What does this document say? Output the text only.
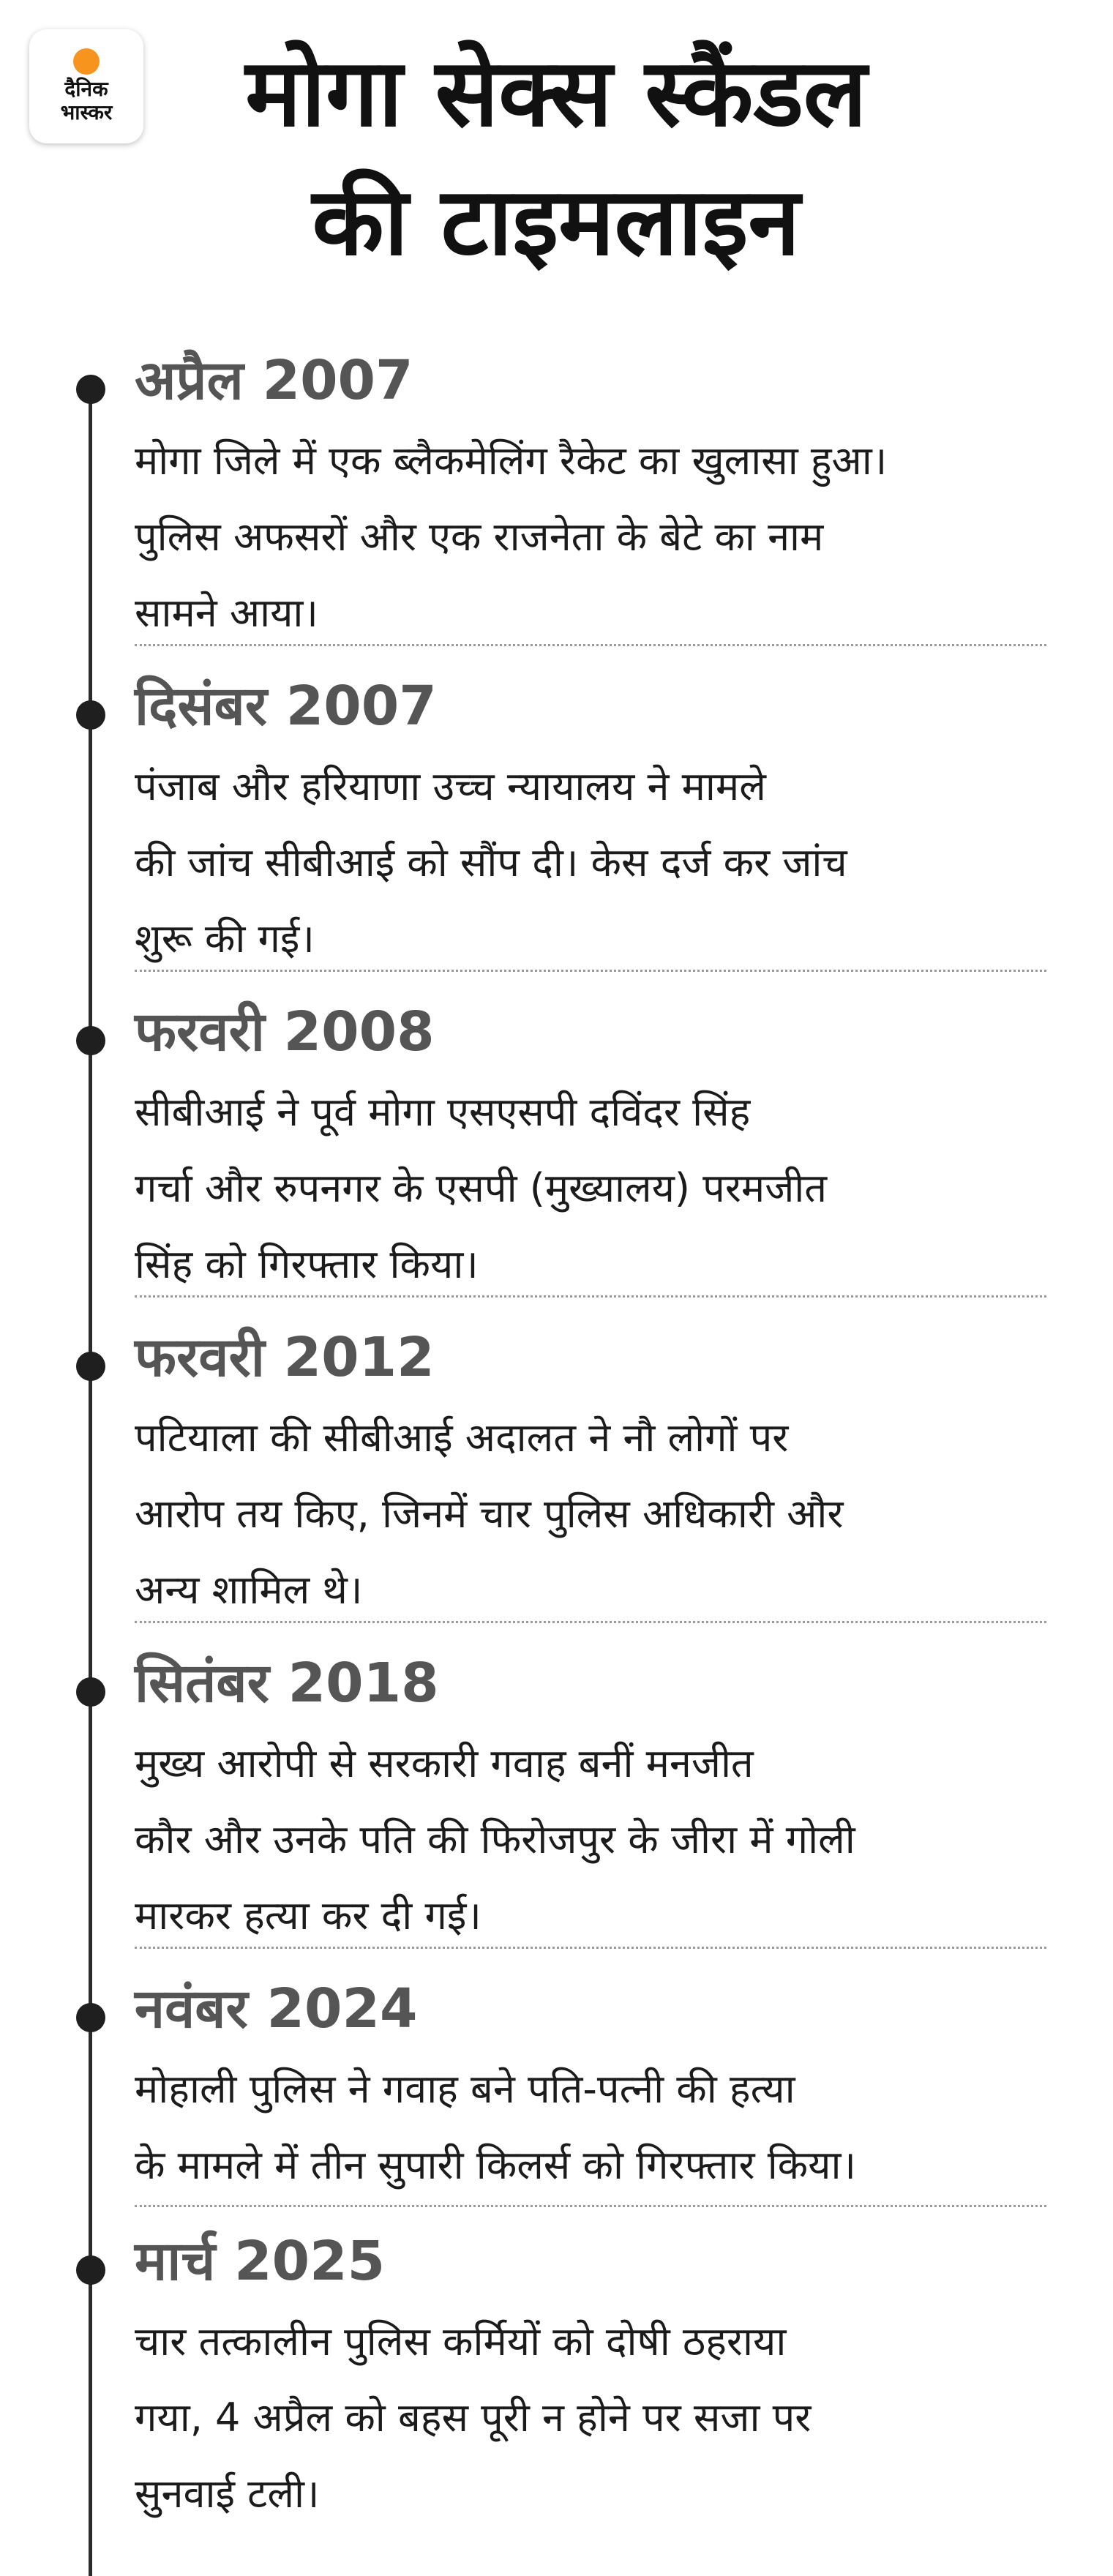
दैनिक
भास्कर	मोगा सेक्स स्कैंडल
की टाइमलाइन
अप्रैल 2007

मोगा जिले में एक ब्लैकमेलिंग रैकेट का खुलासा हुआ।
पुलिस अफसरों और एक राजनेता के बेटे का नाम
सामने आया।

दिसंबर 2007

पंजाब और हरियाणा उच्च न्यायालय ने मामले
की जांच सीबीआई को सौंप दी। केस दर्ज कर जांच
शुरू की गई।

फरवरी 2008

सीबीआई ने पूर्व मोगा एसएसपी दविंदर सिंह
गर्चा और रुपनगर के एसपी (मुख्यालय) परमजीत
सिंह को गिरफ्तार किया।

फरवरी 2012

पटियाला की सीबीआई अदालत ने नौ लोगों पर
आरोप तय किए, जिनमें चार पुलिस अधिकारी और
अन्य शामिल थे।

सितंबर 2018

मुख्य आरोपी से सरकारी गवाह बनीं मनजीत
कौर और उनके पति की फिरोजपुर के जीरा में गोली
मारकर हत्या कर दी गई।

नवंबर 2024

मोहाली पुलिस ने गवाह बने पति-पत्नी की हत्या
के मामले में तीन सुपारी किलर्स को गिरफ्तार किया।

मार्च 2025

चार तत्कालीन पुलिस कर्मियों को दोषी ठहराया
गया, 4 अप्रैल को बहस पूरी न होने पर सजा पर
सुनवाई टली।
